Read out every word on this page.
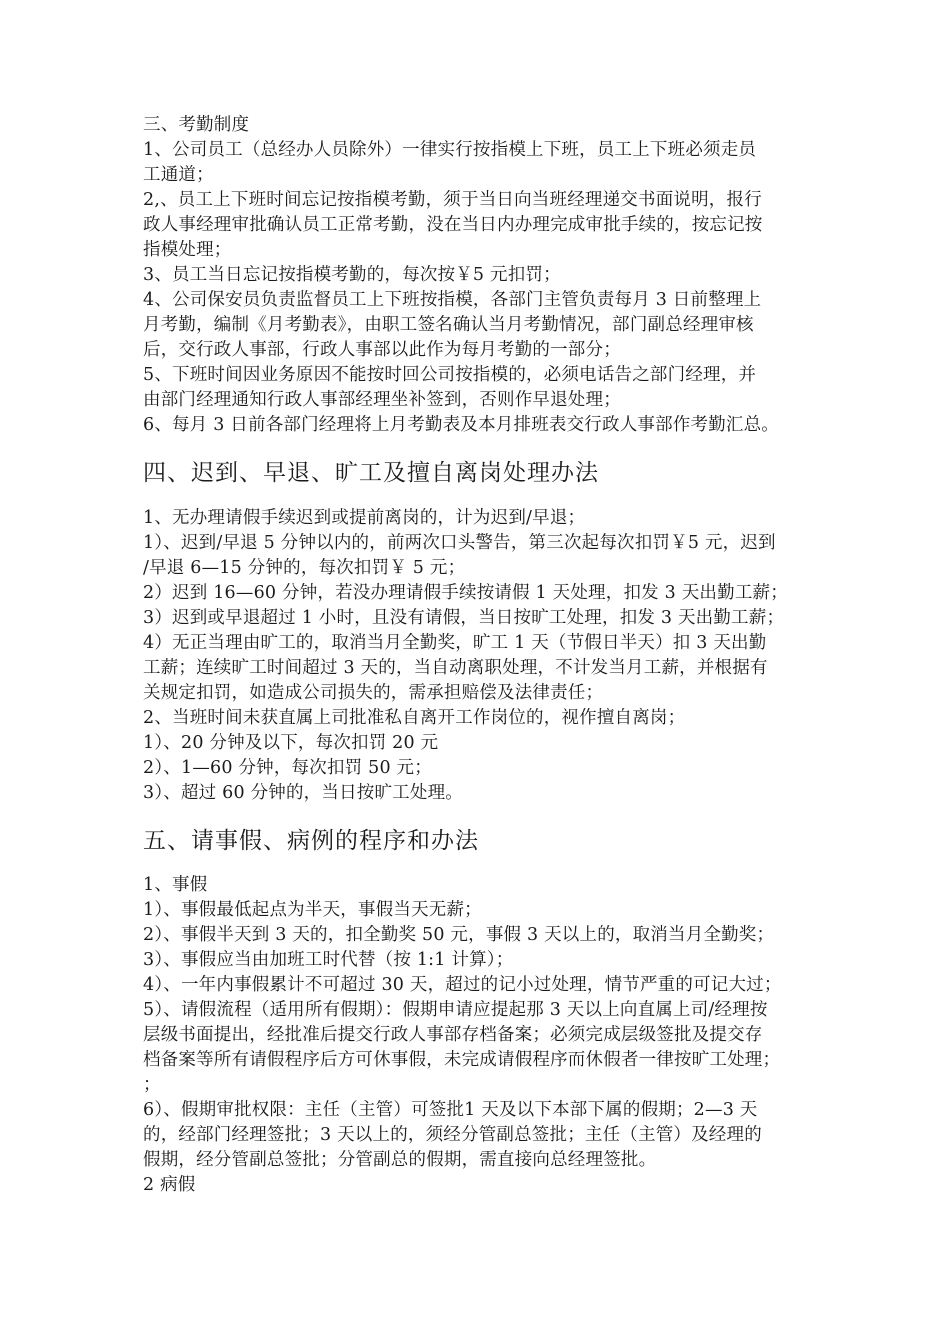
三、考勤制度
1、公司员工（总经办人员除外）一律实行按指模上下班，员工上下班必须走员
工通道；
2,、员工上下班时间忘记按指模考勤，须于当日向当班经理递交书面说明，报行
政人事经理审批确认员工正常考勤，没在当日内办理完成审批手续的，按忘记按
指模处理；
3、员工当日忘记按指模考勤的，每次按￥5 元扣罚；
4、公司保安员负责监督员工上下班按指模，各部门主管负责每月 3 日前整理上
月考勤，编制《月考勤表》，由职工签名确认当月考勤情况，部门副总经理审核
后，交行政人事部，行政人事部以此作为每月考勤的一部分；
5、下班时间因业务原因不能按时回公司按指模的，必须电话告之部门经理，并
由部门经理通知行政人事部经理坐补签到，否则作早退处理；
6、每月 3 日前各部门经理将上月考勤表及本月排班表交行政人事部作考勤汇总。
四、迟到、早退、旷工及擅自离岗处理办法
1、无办理请假手续迟到或提前离岗的，计为迟到/早退；
1）、迟到/早退 5 分钟以内的，前两次口头警告，第三次起每次扣罚￥5 元，迟到
/早退 6—15 分钟的，每次扣罚￥ 5 元；
2）迟到 16—60 分钟，若没办理请假手续按请假 1 天处理，扣发 3 天出勤工薪；
3）迟到或早退超过 1 小时，且没有请假，当日按旷工处理，扣发 3 天出勤工薪；
4）无正当理由旷工的，取消当月全勤奖，旷工 1 天（节假日半天）扣 3 天出勤
工薪；连续旷工时间超过 3 天的，当自动离职处理，不计发当月工薪，并根据有
关规定扣罚，如造成公司损失的，需承担赔偿及法律责任；
2、当班时间未获直属上司批准私自离开工作岗位的，视作擅自离岗；
1）、20 分钟及以下，每次扣罚 20 元
2）、1—60 分钟，每次扣罚 50 元；
3）、超过 60 分钟的，当日按旷工处理。
五、请事假、病例的程序和办法
1、事假
1）、事假最低起点为半天，事假当天无薪；
2）、事假半天到 3 天的，扣全勤奖 50 元，事假 3 天以上的，取消当月全勤奖；
3）、事假应当由加班工时代替（按 1:1 计算）；
4）、一年内事假累计不可超过 30 天，超过的记小过处理，情节严重的可记大过；
5）、请假流程（适用所有假期）：假期申请应提起那 3 天以上向直属上司/经理按
层级书面提出，经批准后提交行政人事部存档备案；必须完成层级签批及提交存
档备案等所有请假程序后方可休事假，未完成请假程序而休假者一律按旷工处理；
；
6）、假期审批权限：主任（主管）可签批1 天及以下本部下属的假期；2—3 天
的，经部门经理签批；3 天以上的，须经分管副总签批；主任（主管）及经理的
假期，经分管副总签批；分管副总的假期，需直接向总经理签批。
2 病假
